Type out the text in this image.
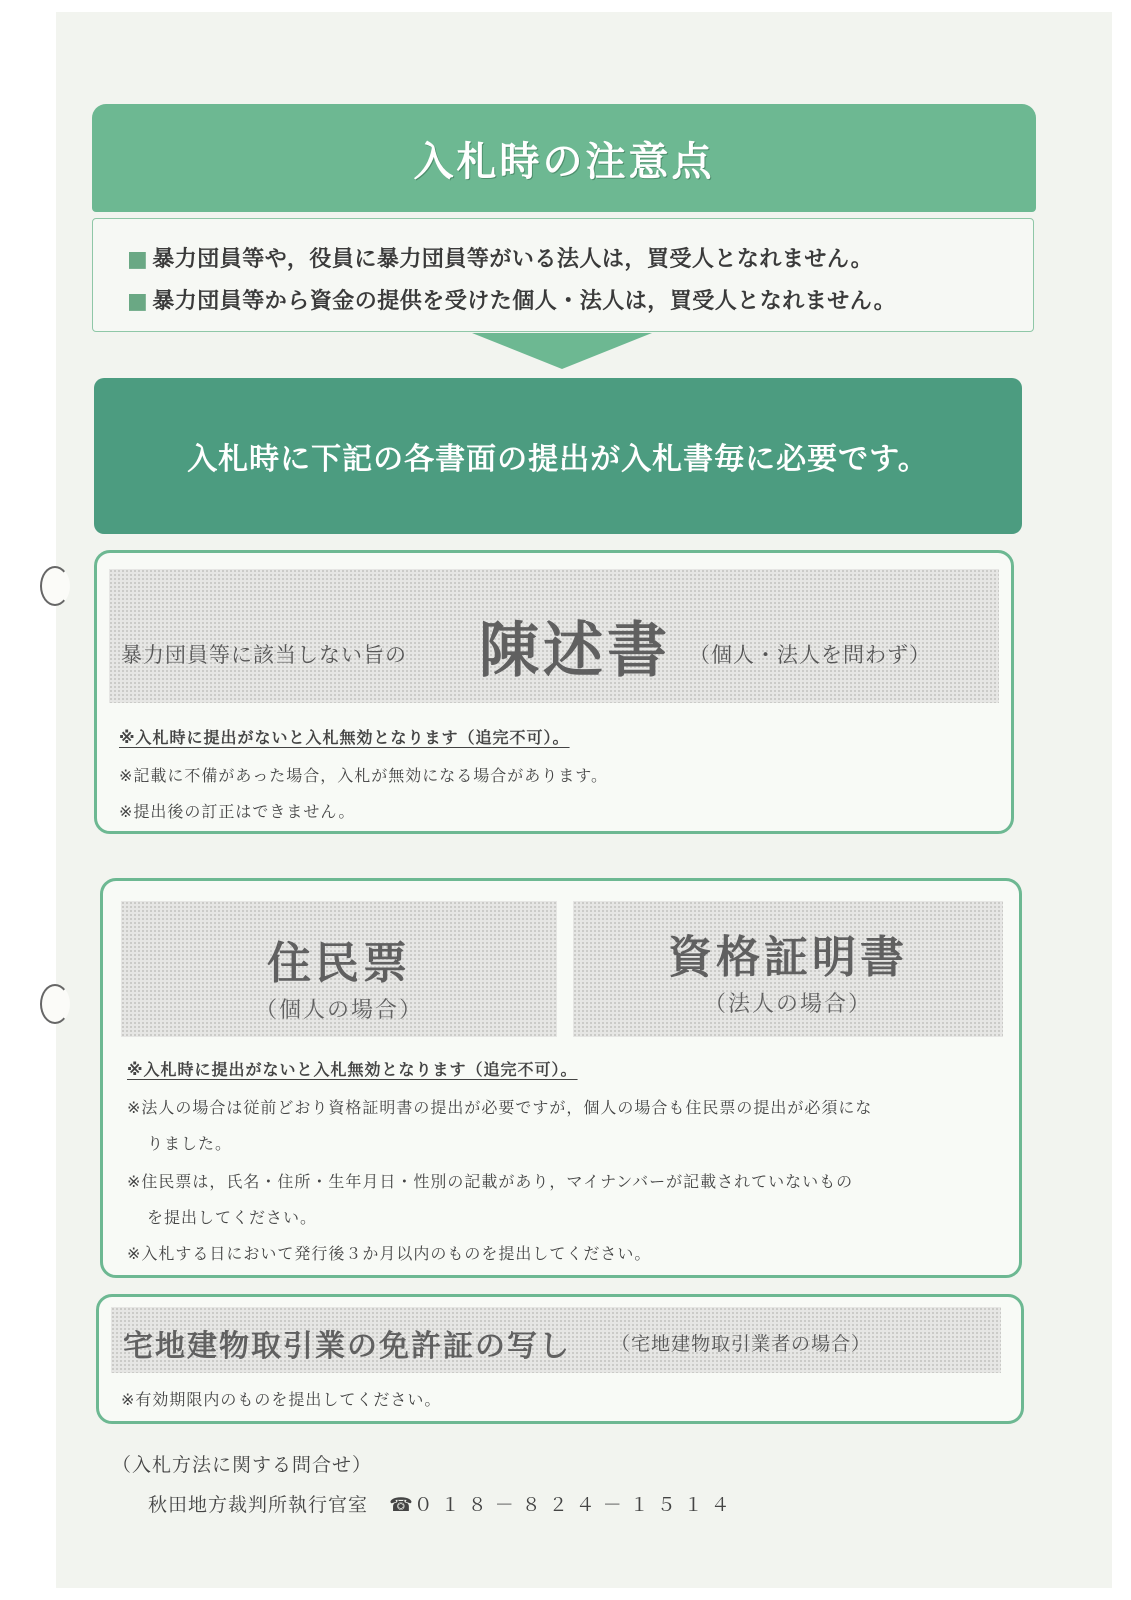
入札時の注意点
■ 暴力団員等や，役員に暴力団員等がいる法人は，買受人となれません。
■ 暴力団員等から資金の提供を受けた個人・法人は，買受人となれません。
入札時に下記の各書面の提出が入札書毎に必要です。
暴力団員等に該当しない旨の 陳述書 （個人・法人を問わず）
※入札時に提出がないと入札無効となります（追完不可）。
※記載に不備があった場合，入札が無効になる場合があります。
※提出後の訂正はできません。
住民票
（個人の場合）
資格証明書
（法人の場合）
※入札時に提出がないと入札無効となります（追完不可）。
※法人の場合は従前どおり資格証明書の提出が必要ですが，個人の場合も住民票の提出が必須にな
りました。
※住民票は，氏名・住所・生年月日・性別の記載があり，マイナンバーが記載されていないもの
を提出してください。
※入札する日において発行後３か月以内のものを提出してください。
宅地建物取引業の免許証の写し （宅地建物取引業者の場合）
※有効期限内のものを提出してください。
（入札方法に関する問合せ）
秋田地方裁判所執行官室 ☎０１８－８２４－１５１４
